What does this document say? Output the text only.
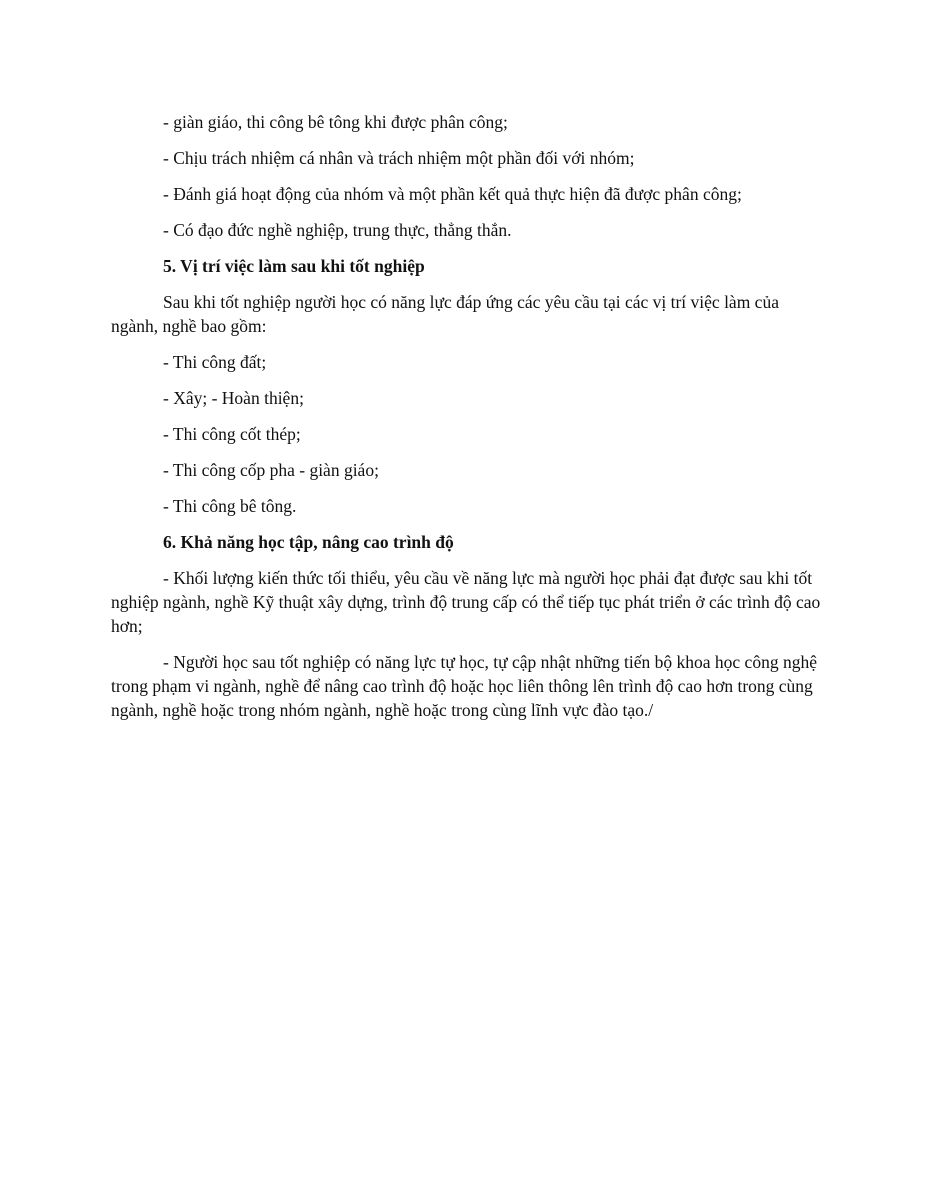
- giàn giáo, thi công bê tông khi được phân công;

- Chịu trách nhiệm cá nhân và trách nhiệm một phần đối với nhóm;

- Đánh giá hoạt động của nhóm và một phần kết quả thực hiện đã được phân công;

- Có đạo đức nghề nghiệp, trung thực, thẳng thắn.

5. Vị trí việc làm sau khi tốt nghiệp

Sau khi tốt nghiệp người học có năng lực đáp ứng các yêu cầu tại các vị trí việc làm của ngành, nghề bao gồm:

- Thi công đất;

- Xây; - Hoàn thiện;

- Thi công cốt thép;

- Thi công cốp pha - giàn giáo;

- Thi công bê tông.

6. Khả năng học tập, nâng cao trình độ

- Khối lượng kiến thức tối thiểu, yêu cầu về năng lực mà người học phải đạt được sau khi tốt nghiệp ngành, nghề Kỹ thuật xây dựng, trình độ trung cấp có thể tiếp tục phát triển ở các trình độ cao hơn;

- Người học sau tốt nghiệp có năng lực tự học, tự cập nhật những tiến bộ khoa học công nghệ trong phạm vi ngành, nghề để nâng cao trình độ hoặc học liên thông lên trình độ cao hơn trong cùng ngành, nghề hoặc trong nhóm ngành, nghề hoặc trong cùng lĩnh vực đào tạo./
